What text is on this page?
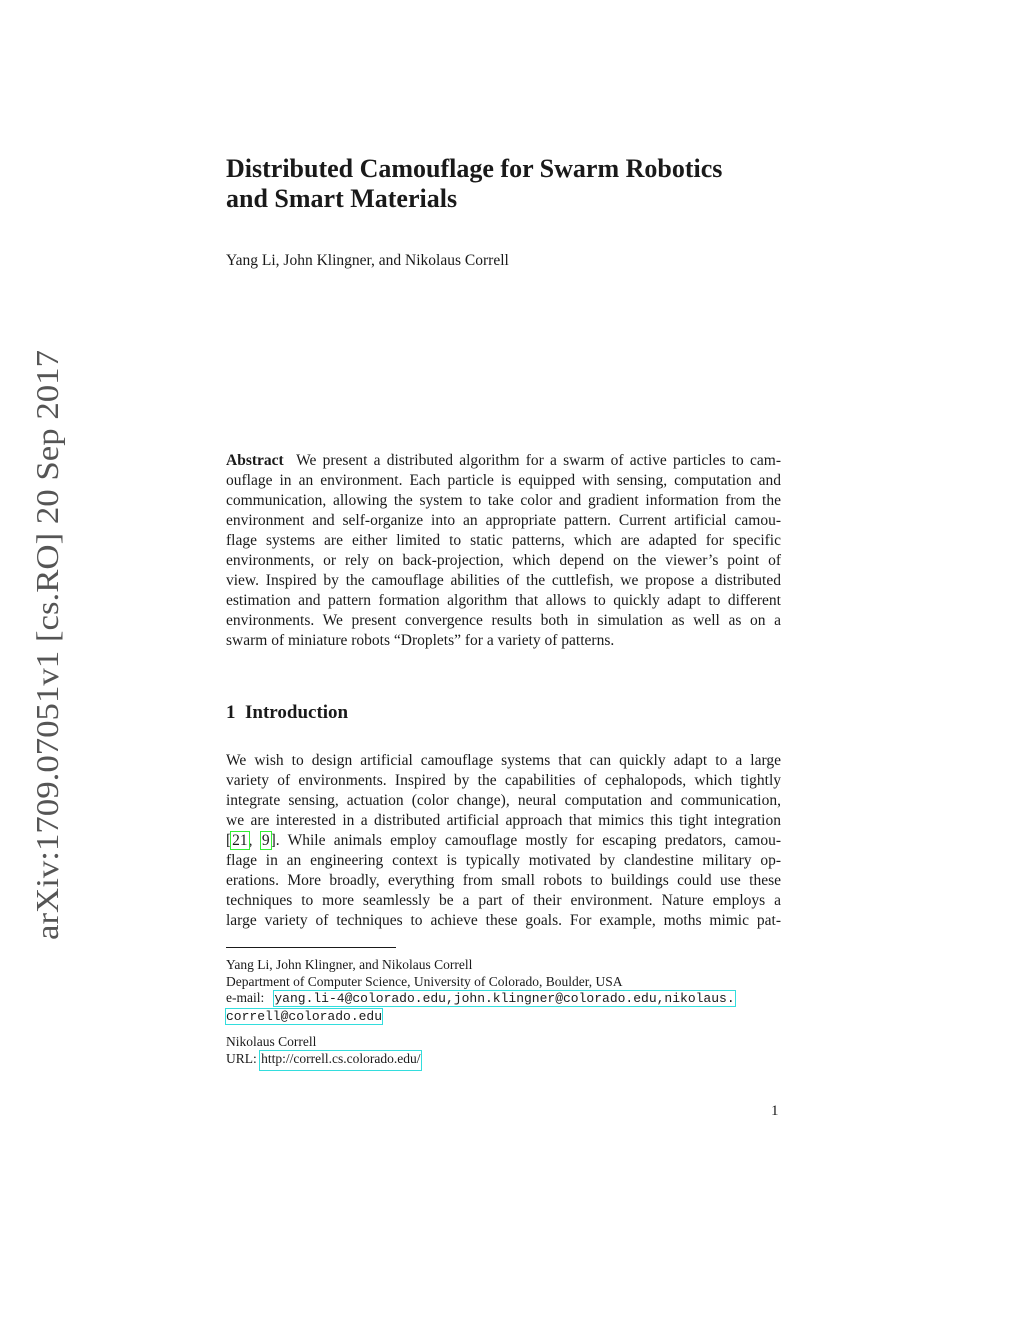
arXiv:1709.07051v1 [cs.RO] 20 Sep 2017
Distributed Camouflage for Swarm Robotics
and Smart Materials
Yang Li, John Klingner, and Nikolaus Correll
Abstract We present a distributed algorithm for a swarm of active particles to cam-
ouflage in an environment. Each particle is equipped with sensing, computation and
communication, allowing the system to take color and gradient information from the
environment and self-organize into an appropriate pattern. Current artificial camou-
flage systems are either limited to static patterns, which are adapted for specific
environments, or rely on back-projection, which depend on the viewer’s point of
view. Inspired by the camouflage abilities of the cuttlefish, we propose a distributed
estimation and pattern formation algorithm that allows to quickly adapt to different
environments. We present convergence results both in simulation as well as on a
swarm of miniature robots “Droplets” for a variety of patterns.
1 Introduction
We wish to design artificial camouflage systems that can quickly adapt to a large
variety of environments. Inspired by the capabilities of cephalopods, which tightly
integrate sensing, actuation (color change), neural computation and communication,
we are interested in a distributed artificial approach that mimics this tight integration
[21, 9]. While animals employ camouflage mostly for escaping predators, camou-
flage in an engineering context is typically motivated by clandestine military op-
erations. More broadly, everything from small robots to buildings could use these
techniques to more seamlessly be a part of their environment. Nature employs a
large variety of techniques to achieve these goals. For example, moths mimic pat-
Yang Li, John Klingner, and Nikolaus Correll
Department of Computer Science, University of Colorado, Boulder, USA
e-mail: yang.li-4@colorado.edu,john.klingner@colorado.edu,nikolaus.
correll@colorado.edu
Nikolaus Correll
URL: http://correll.cs.colorado.edu/
1
